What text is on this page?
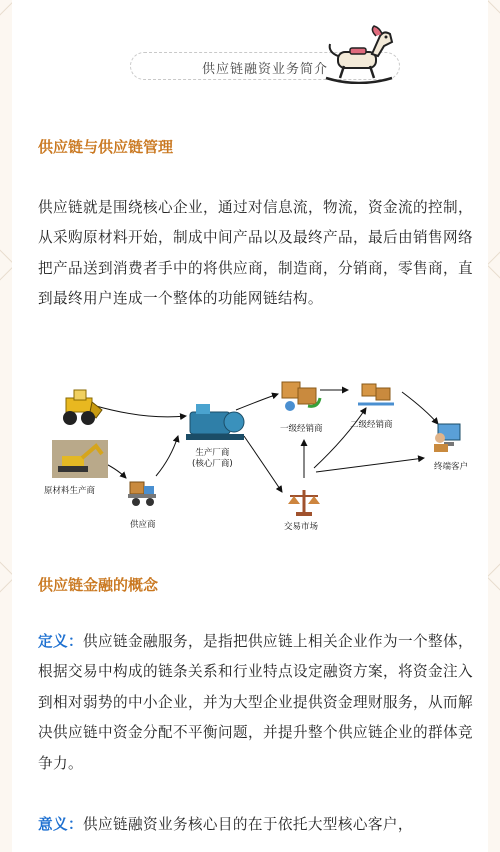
供应链融资业务简介
供应链与供应链管理
供应链就是围绕核心企业，通过对信息流，物流，资金流的控制，从采购原材料开始，制成中间产品以及最终产品，最后由销售网络把产品送到消费者手中的将供应商，制造商，分销商，零售商，直到最终用户连成一个整体的功能网链结构。
原材料生产商
供应商
生产厂商
(核心厂商)
交易市场
一级经销商	二级经销商
终端客户
供应链金融的概念
定义：供应链金融服务，是指把供应链上相关企业作为一个整体，根据交易中构成的链条关系和行业特点设定融资方案，将资金注入到相对弱势的中小企业，并为大型企业提供资金理财服务，从而解决供应链中资金分配不平衡问题，并提升整个供应链企业的群体竞争力。
意义：供应链融资业务核心目的在于依托大型核心客户，
